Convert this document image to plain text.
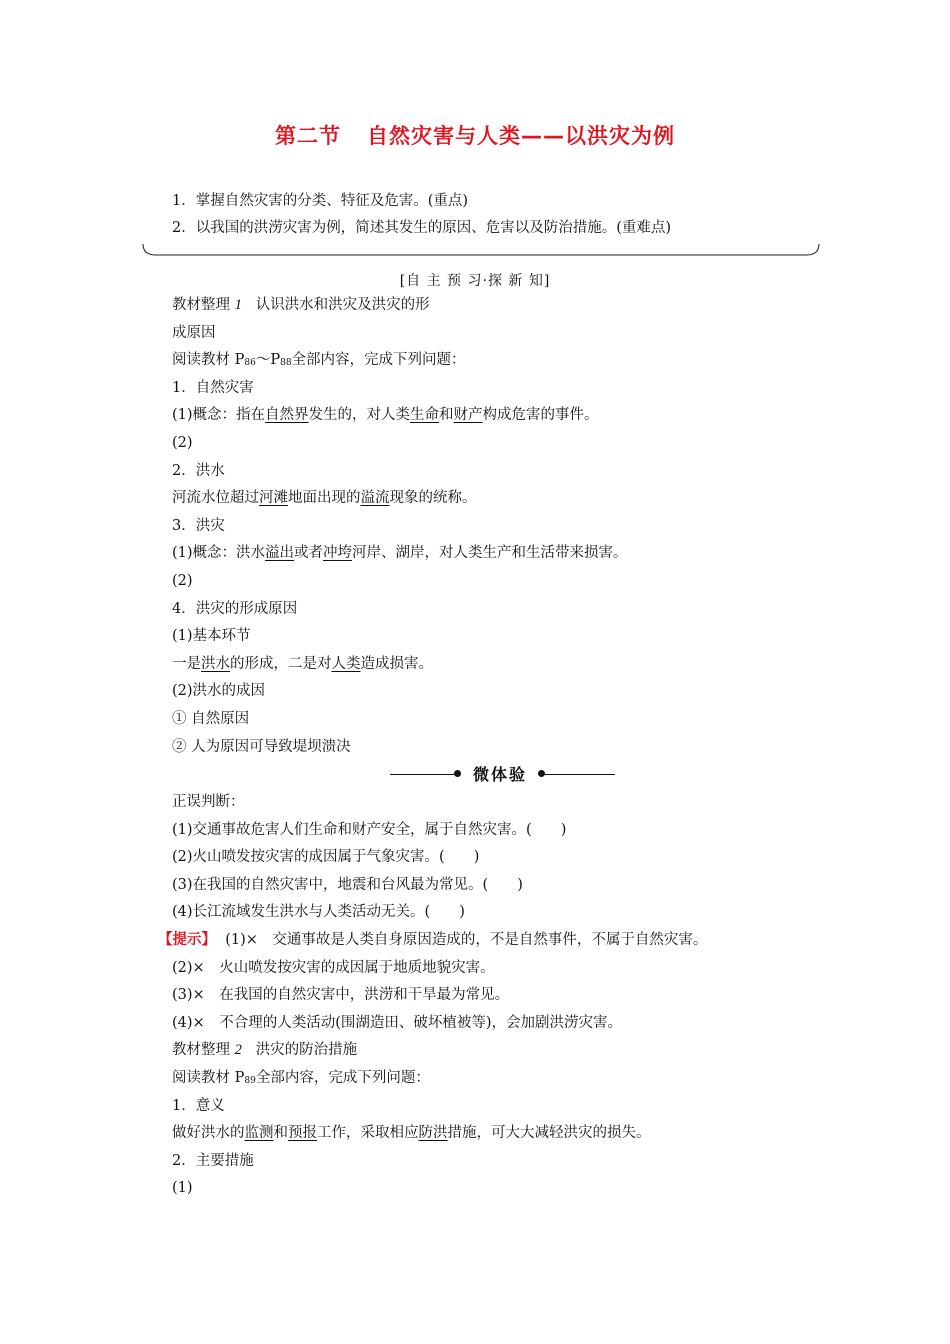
第二节 自然灾害与人类——以洪灾为例
1．掌握自然灾害的分类、特征及危害。(重点)
2．以我国的洪涝灾害为例，简述其发生的原因、危害以及防治措施。(重难点)
[自 主 预 习·探 新 知]
教材整理 1 认识洪水和洪灾及洪灾的形
成原因
阅读教材 P86～P88全部内容，完成下列问题：
1．自然灾害
(1)概念：指在自然界发生的，对人类生命和财产构成危害的事件。
(2)
2．洪水
河流水位超过河滩地面出现的溢流现象的统称。
3．洪灾
(1)概念：洪水溢出或者冲垮河岸、湖岸，对人类生产和生活带来损害。
(2)
4．洪灾的形成原因
(1)基本环节
一是洪水的形成，二是对人类造成损害。
(2)洪水的成因
① 自然原因
② 人为原因可导致堤坝溃决
微体验
正误判断：
(1)交通事故危害人们生命和财产安全，属于自然灾害。(　　)
(2)火山喷发按灾害的成因属于气象灾害。(　　)
(3)在我国的自然灾害中，地震和台风最为常见。(　　)
(4)长江流域发生洪水与人类活动无关。(　　)
【提示】 (1)×　交通事故是人类自身原因造成的，不是自然事件，不属于自然灾害。
(2)×　火山喷发按灾害的成因属于地质地貌灾害。
(3)×　在我国的自然灾害中，洪涝和干旱最为常见。
(4)×　不合理的人类活动(围湖造田、破坏植被等)，会加剧洪涝灾害。
教材整理 2 洪灾的防治措施
阅读教材 P89全部内容，完成下列问题：
1．意义
做好洪水的监测和预报工作，采取相应防洪措施，可大大减轻洪灾的损失。
2．主要措施
(1)
